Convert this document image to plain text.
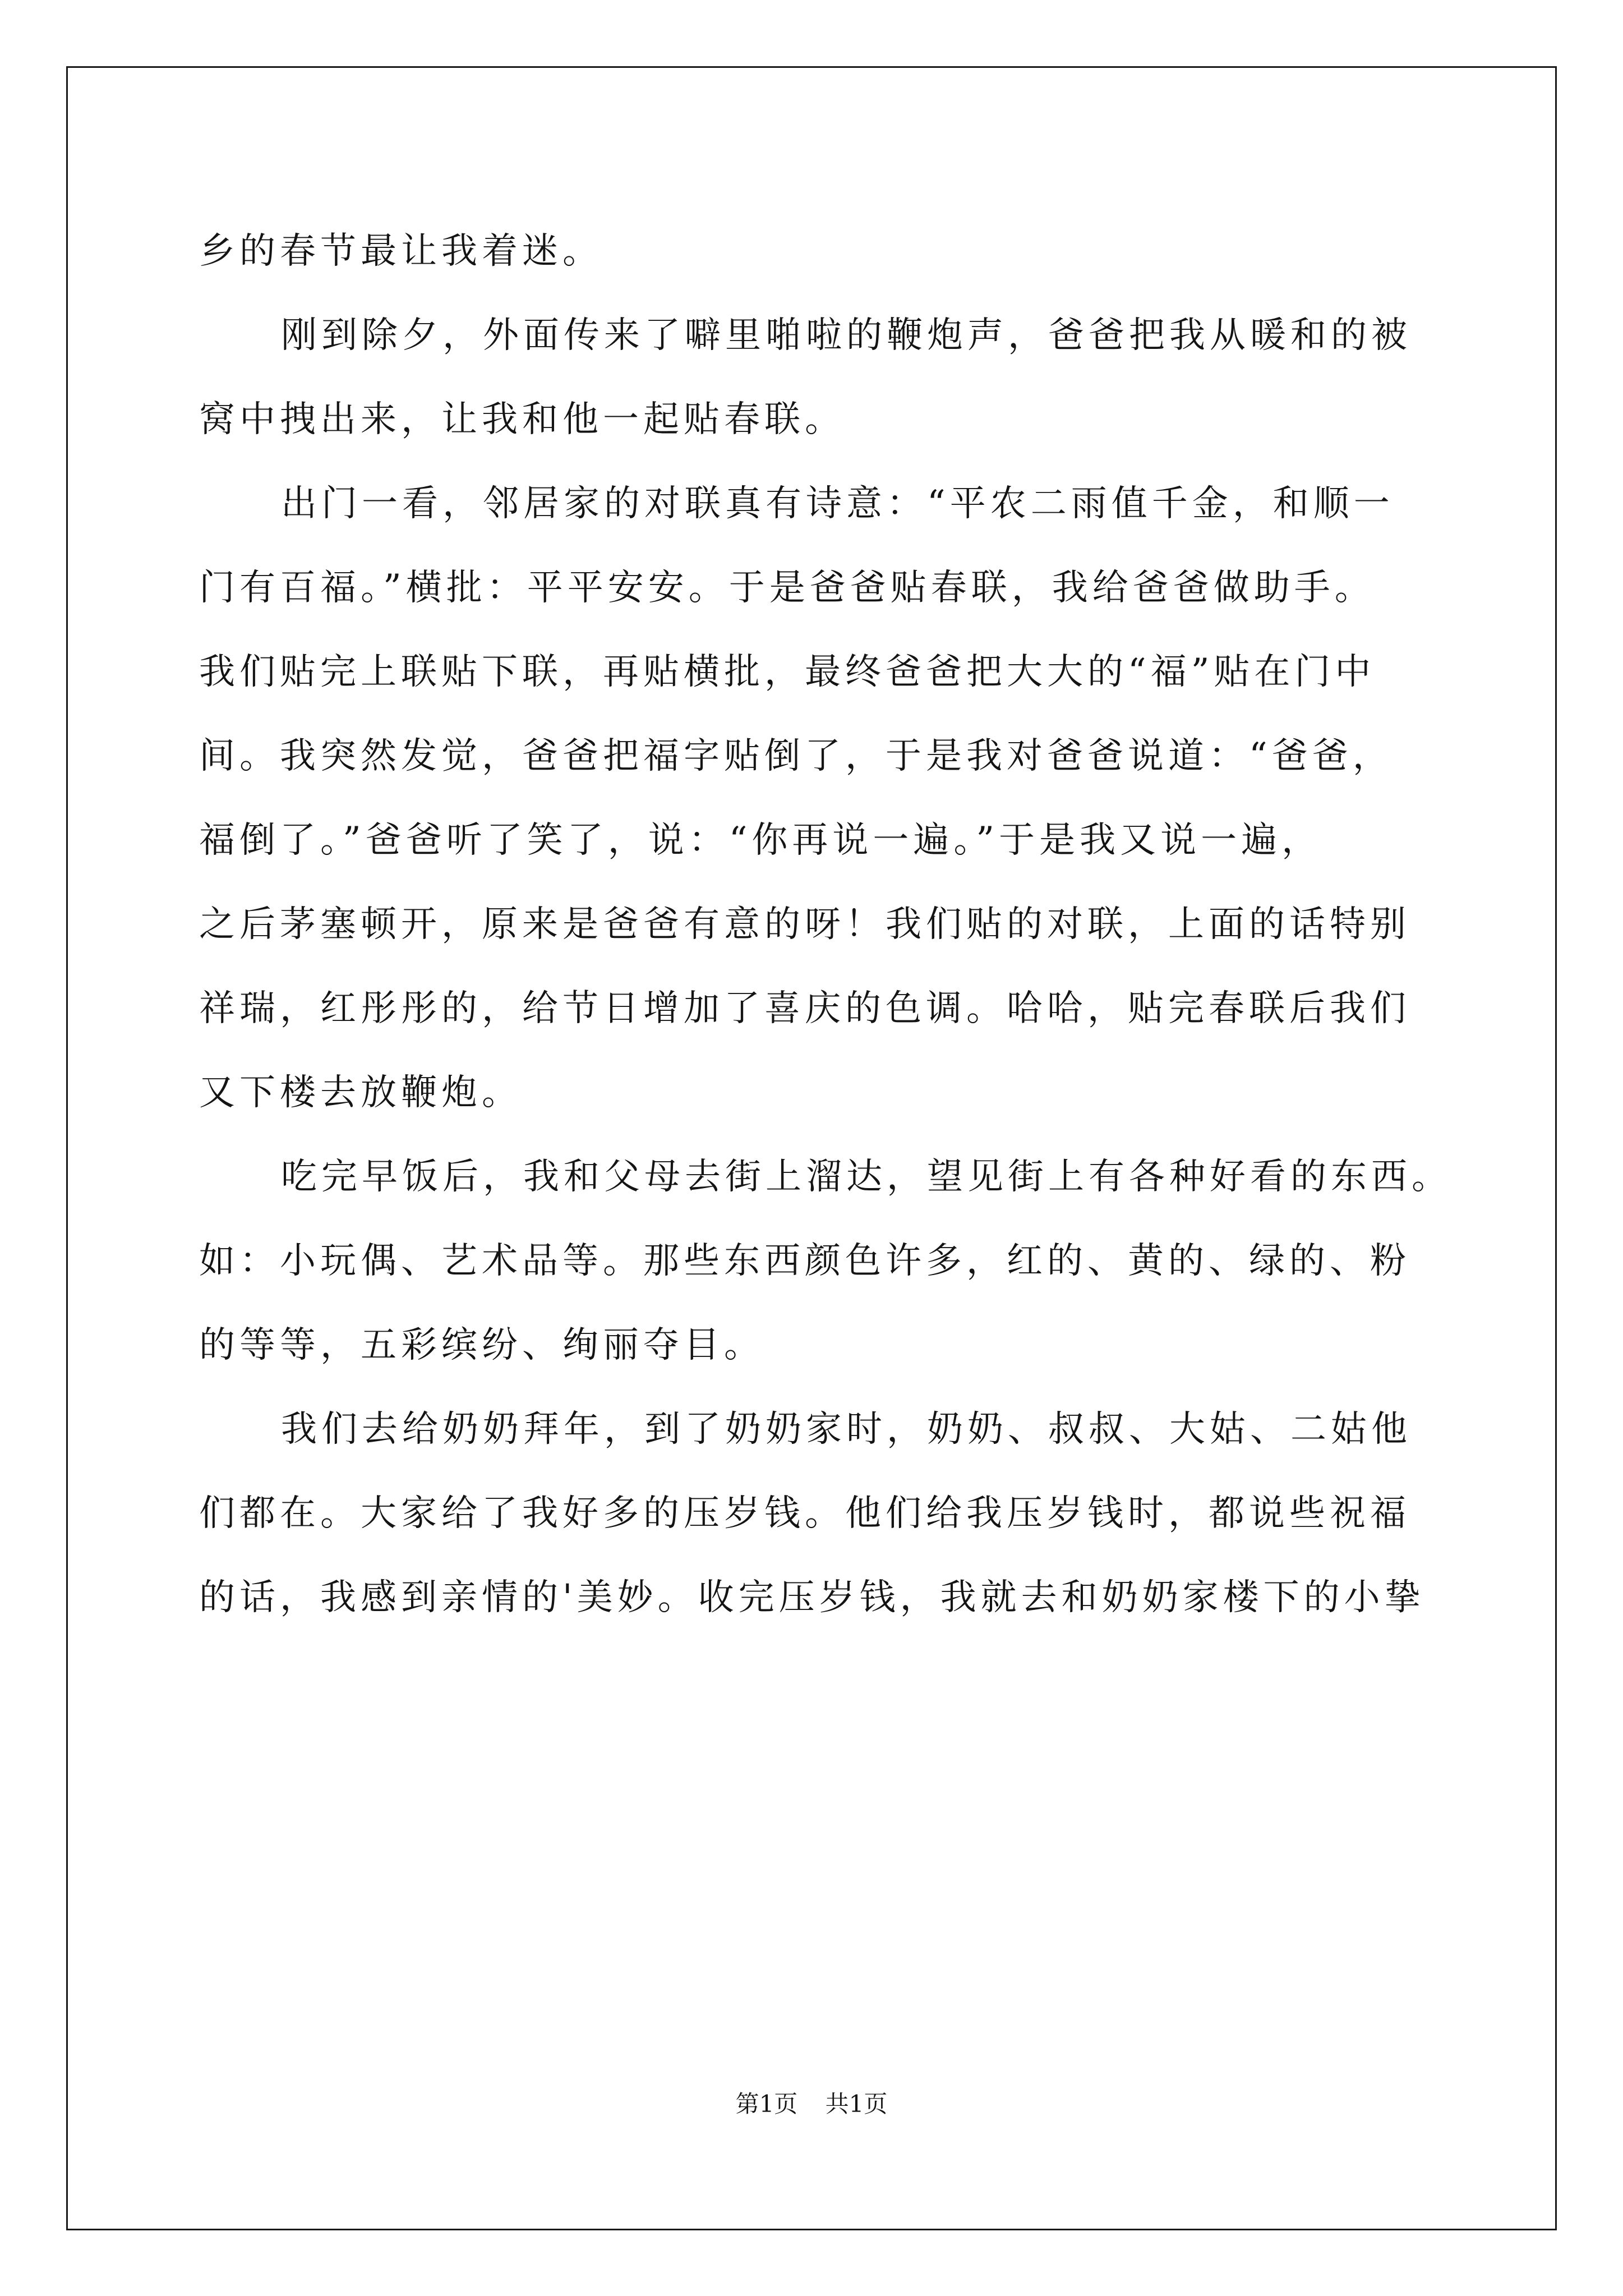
乡的春节最让我着迷。
刚到除夕，外面传来了噼里啪啦的鞭炮声，爸爸把我从暖和的被
窝中拽出来，让我和他一起贴春联。
出门一看，邻居家的对联真有诗意：“平农二雨值千金，和顺一
门有百福。”横批：平平安安。于是爸爸贴春联，我给爸爸做助手。
我们贴完上联贴下联，再贴横批，最终爸爸把大大的“福”贴在门中
间。我突然发觉，爸爸把福字贴倒了，于是我对爸爸说道：“爸爸，
福倒了。”爸爸听了笑了，说：“你再说一遍。”于是我又说一遍，
之后茅塞顿开，原来是爸爸有意的呀！我们贴的对联，上面的话特别
祥瑞，红彤彤的，给节日增加了喜庆的色调。哈哈，贴完春联后我们
又下楼去放鞭炮。
吃完早饭后，我和父母去街上溜达，望见街上有各种好看的东西。
如：小玩偶、艺术品等。那些东西颜色许多，红的、黄的、绿的、粉
的等等，五彩缤纷、绚丽夺目。
我们去给奶奶拜年，到了奶奶家时，奶奶、叔叔、大姑、二姑他
们都在。大家给了我好多的压岁钱。他们给我压岁钱时，都说些祝福
的话，我感到亲情的'美妙。收完压岁钱，我就去和奶奶家楼下的小挚
第1页 共1页
